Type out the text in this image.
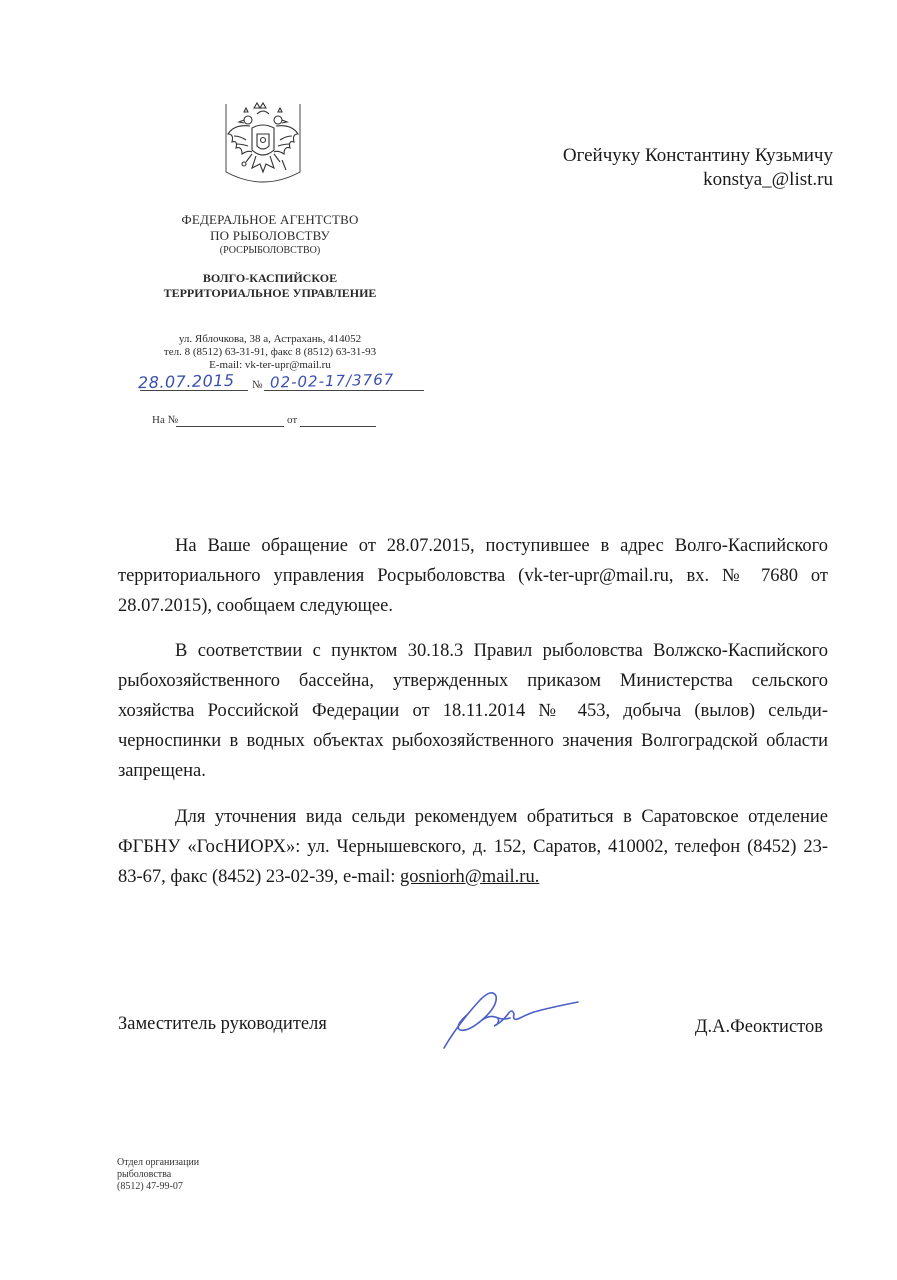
ФЕДЕРАЛЬНОЕ АГЕНТСТВО
ПО РЫБОЛОВСТВУ
(РОСРЫБОЛОВСТВО)
ВОЛГО-КАСПИЙСКОЕ
ТЕРРИТОРИАЛЬНОЕ УПРАВЛЕНИЕ
ул. Яблочкова, 38 а, Астрахань, 414052
тел. 8 (8512) 63-31-91, факс 8 (8512) 63-31-93
E-mail: vk-ter-upr@mail.ru
28.07.2015 № 02-02-17/3767
На №	от
Огейчуку Константину Кузьмичу
konstya_@list.ru
На Ваше обращение от 28.07.2015, поступившее в адрес Волго-Каспийского территориального управления Росрыболовства (vk-ter-upr@mail.ru, вх. № 7680 от 28.07.2015), сообщаем следующее.
В соответствии с пунктом 30.18.3 Правил рыболовства Волжско-Каспийского рыбохозяйственного бассейна, утвержденных приказом Министерства сельского хозяйства Российской Федерации от 18.11.2014 № 453, добыча (вылов) сельди-черноспинки в водных объектах рыбохозяйственного значения Волгоградской области запрещена.
Для уточнения вида сельди рекомендуем обратиться в Саратовское отделение ФГБНУ «ГосНИОРХ»: ул. Чернышевского, д. 152, Саратов, 410002, телефон (8452) 23-83-67, факс (8452) 23-02-39, e-mail: gosniorh@mail.ru.
Заместитель руководителя	Д.А.Феоктистов
Отдел организации
рыболовства
(8512) 47-99-07
